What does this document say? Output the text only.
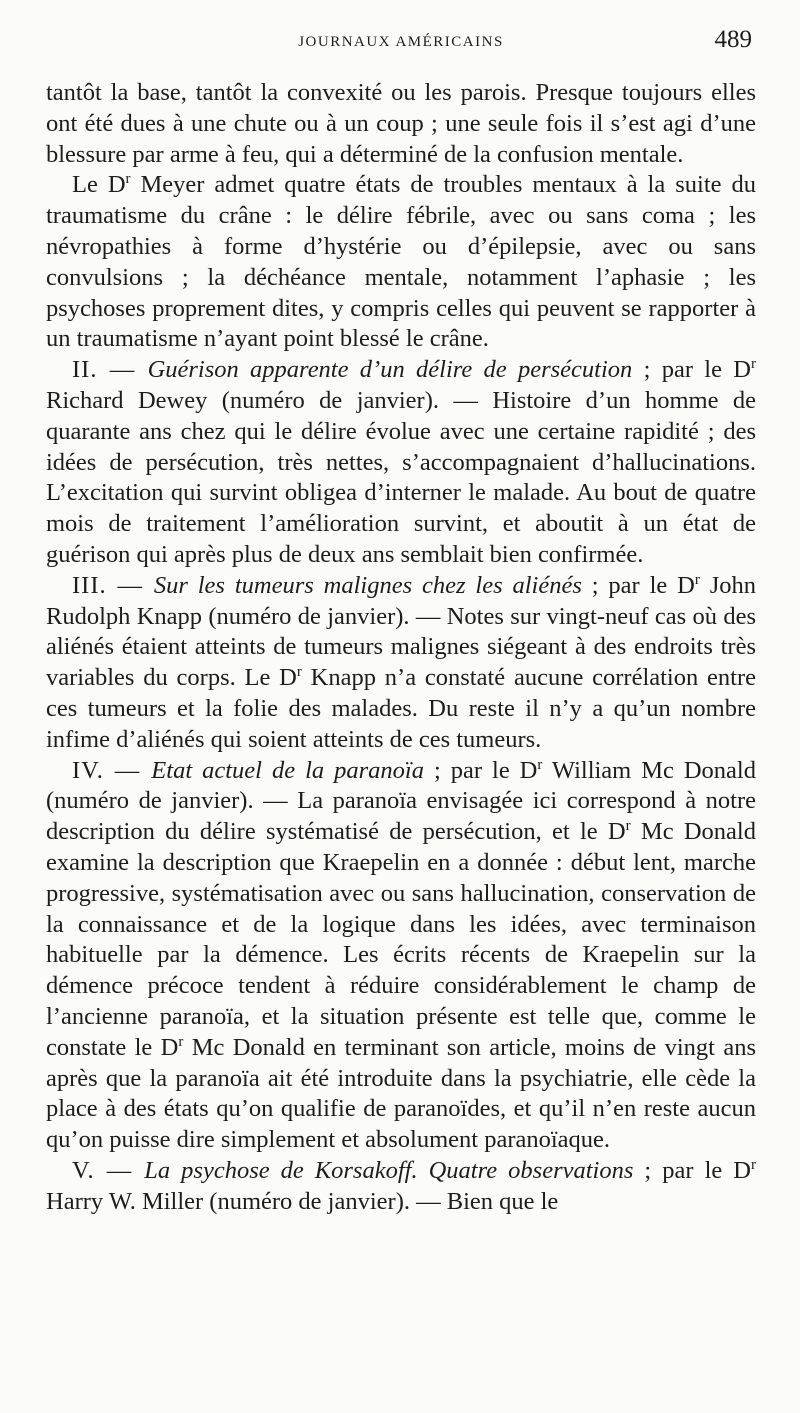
JOURNAUX AMÉRICAINS	489

tantôt la base, tantôt la convexité ou les parois. Presque toujours elles ont été dues à une chute ou à un coup ; une seule fois il s’est agi d’une blessure par arme à feu, qui a déterminé de la confusion mentale.

Le $D^r$ Meyer admet quatre états de troubles mentaux à la suite du traumatisme du crâne : le délire fébrile, avec ou sans coma ; les névropathies à forme d’hystérie ou d’épilepsie, avec ou sans convulsions ; la déchéance mentale, notamment l’aphasie ; les psychoses proprement dites, y compris celles qui peuvent se rapporter à un traumatisme n’ayant point blessé le crâne.

II. — Guérison apparente d’un délire de persécution ; par le $D^r$ Richard Dewey (numéro de janvier). — Histoire d’un homme de quarante ans chez qui le délire évolue avec une certaine rapidité ; des idées de persécution, très nettes, s’accompagnaient d’hallucinations. L’excitation qui survint obligea d’interner le malade. Au bout de quatre mois de traitement l’amélioration survint, et aboutit à un état de guérison qui après plus de deux ans semblait bien confirmée.

III. — Sur les tumeurs malignes chez les aliénés ; par le $D^r$ John Rudolph Knapp (numéro de janvier). — Notes sur vingt-neuf cas où des aliénés étaient atteints de tumeurs malignes siégeant à des endroits très variables du corps. Le $D^r$ Knapp n’a constaté aucune corrélation entre ces tumeurs et la folie des malades. Du reste il n’y a qu’un nombre infime d’aliénés qui soient atteints de ces tumeurs.

IV. — Etat actuel de la paranoïa ; par le $D^r$ William Mc Donald (numéro de janvier). — La paranoïa envisagée ici correspond à notre description du délire systématisé de persécution, et le $D^r$ Mc Donald examine la description que Kraepelin en a donnée : début lent, marche progressive, systématisation avec ou sans hallucination, conservation de la connaissance et de la logique dans les idées, avec terminaison habituelle par la démence. Les écrits récents de Kraepelin sur la démence précoce tendent à réduire considérablement le champ de l’ancienne paranoïa, et la situation présente est telle que, comme le constate le $D^r$ Mc Donald en terminant son article, moins de vingt ans après que la paranoïa ait été introduite dans la psychiatrie, elle cède la place à des états qu’on qualifie de paranoïdes, et qu’il n’en reste aucun qu’on puisse dire simplement et absolument paranoïaque.

V. — La psychose de Korsakoff. Quatre observations ; par le $D^r$ Harry W. Miller (numéro de janvier). — Bien que le
